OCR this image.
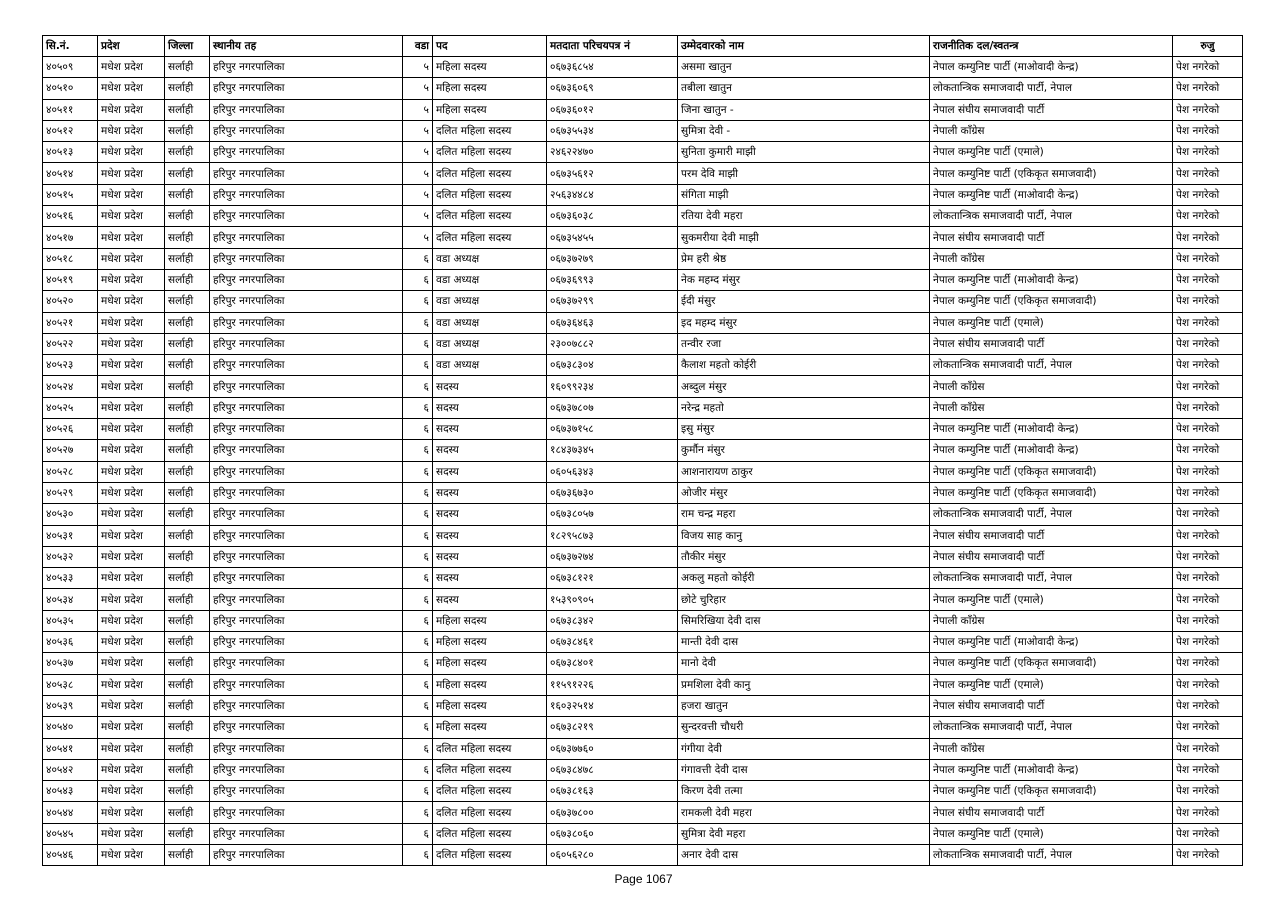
सि.नं.	प्रदेश	जिल्ला	स्थानीय तह	वडा	पद	मतदाता परिचयपत्र नं	उम्मेदवारको नाम	राजनीतिक दल/स्वतन्त्र	रुजु
४०५०९	मधेश प्रदेश	सर्लाही	हरिपुर नगरपालिका	५	महिला सदस्य	०६७३६८५४	असमा खातुन	नेपाल कम्युनिष्ट पार्टी (माओवादी केन्द्र)	पेश नगरेको
४०५१०	मधेश प्रदेश	सर्लाही	हरिपुर नगरपालिका	५	महिला सदस्य	०६७३६०६९	तबीला खातुन	लोकतान्त्रिक समाजवादी पार्टी, नेपाल	पेश नगरेको
४०५११	मधेश प्रदेश	सर्लाही	हरिपुर नगरपालिका	५	महिला सदस्य	०६७३६०१२	जिना खातुन -	नेपाल संघीय समाजवादी पार्टी	पेश नगरेको
४०५१२	मधेश प्रदेश	सर्लाही	हरिपुर नगरपालिका	५	दलित महिला सदस्य	०६७३५५३४	सुमित्रा देवी -	नेपाली काँग्रेस	पेश नगरेको
४०५१३	मधेश प्रदेश	सर्लाही	हरिपुर नगरपालिका	५	दलित महिला सदस्य	२४६२२४७०	सुनिता कुमारी माझी	नेपाल कम्युनिष्ट पार्टी (एमाले)	पेश नगरेको
४०५१४	मधेश प्रदेश	सर्लाही	हरिपुर नगरपालिका	५	दलित महिला सदस्य	०६७३५६१२	परम देवि माझी	नेपाल कम्युनिष्ट पार्टी (एकिकृत समाजवादी)	पेश नगरेको
४०५१५	मधेश प्रदेश	सर्लाही	हरिपुर नगरपालिका	५	दलित महिला सदस्य	२५६३४४८४	संगिता माझी	नेपाल कम्युनिष्ट पार्टी (माओवादी केन्द्र)	पेश नगरेको
४०५१६	मधेश प्रदेश	सर्लाही	हरिपुर नगरपालिका	५	दलित महिला सदस्य	०६७३६०३८	रतिया देवी महरा	लोकतान्त्रिक समाजवादी पार्टी, नेपाल	पेश नगरेको
४०५१७	मधेश प्रदेश	सर्लाही	हरिपुर नगरपालिका	५	दलित महिला सदस्य	०६७३५४५५	सुकमरीया देवी माझी	नेपाल संघीय समाजवादी पार्टी	पेश नगरेको
४०५१८	मधेश प्रदेश	सर्लाही	हरिपुर नगरपालिका	६	वडा अध्यक्ष	०६७३७२७९	प्रेम हरी श्रेष्ठ	नेपाली काँग्रेस	पेश नगरेको
४०५१९	मधेश प्रदेश	सर्लाही	हरिपुर नगरपालिका	६	वडा अध्यक्ष	०६७३६९९३	नेक महम्द मंसुर	नेपाल कम्युनिष्ट पार्टी (माओवादी केन्द्र)	पेश नगरेको
४०५२०	मधेश प्रदेश	सर्लाही	हरिपुर नगरपालिका	६	वडा अध्यक्ष	०६७३७२९९	ईदी मंसुर	नेपाल कम्युनिष्ट पार्टी (एकिकृत समाजवादी)	पेश नगरेको
४०५२१	मधेश प्रदेश	सर्लाही	हरिपुर नगरपालिका	६	वडा अध्यक्ष	०६७३६४६३	इद महम्द मंसुर	नेपाल कम्युनिष्ट पार्टी (एमाले)	पेश नगरेको
४०५२२	मधेश प्रदेश	सर्लाही	हरिपुर नगरपालिका	६	वडा अध्यक्ष	२३००७८८२	तन्वीर रजा	नेपाल संघीय समाजवादी पार्टी	पेश नगरेको
४०५२३	मधेश प्रदेश	सर्लाही	हरिपुर नगरपालिका	६	वडा अध्यक्ष	०६७३८३०४	कैलाश महतो कोईरी	लोकतान्त्रिक समाजवादी पार्टी, नेपाल	पेश नगरेको
४०५२४	मधेश प्रदेश	सर्लाही	हरिपुर नगरपालिका	६	सदस्य	१६०९९२३४	अब्दुल मंसुर	नेपाली काँग्रेस	पेश नगरेको
४०५२५	मधेश प्रदेश	सर्लाही	हरिपुर नगरपालिका	६	सदस्य	०६७३७८०७	नरेन्द्र महतो	नेपाली काँग्रेस	पेश नगरेको
४०५२६	मधेश प्रदेश	सर्लाही	हरिपुर नगरपालिका	६	सदस्य	०६७३७१५८	इसु मंसुर	नेपाल कम्युनिष्ट पार्टी (माओवादी केन्द्र)	पेश नगरेको
४०५२७	मधेश प्रदेश	सर्लाही	हरिपुर नगरपालिका	६	सदस्य	१८४३७३४५	कुर्मौन मंसुर	नेपाल कम्युनिष्ट पार्टी (माओवादी केन्द्र)	पेश नगरेको
४०५२८	मधेश प्रदेश	सर्लाही	हरिपुर नगरपालिका	६	सदस्य	०६०५६३४३	आशनारायण ठाकुर	नेपाल कम्युनिष्ट पार्टी (एकिकृत समाजवादी)	पेश नगरेको
४०५२९	मधेश प्रदेश	सर्लाही	हरिपुर नगरपालिका	६	सदस्य	०६७३६७३०	ओजीर मंसुर	नेपाल कम्युनिष्ट पार्टी (एकिकृत समाजवादी)	पेश नगरेको
४०५३०	मधेश प्रदेश	सर्लाही	हरिपुर नगरपालिका	६	सदस्य	०६७३८०५७	राम चन्द्र महरा	लोकतान्त्रिक समाजवादी पार्टी, नेपाल	पेश नगरेको
४०५३१	मधेश प्रदेश	सर्लाही	हरिपुर नगरपालिका	६	सदस्य	१८२९५८७३	विजय साह कानु	नेपाल संघीय समाजवादी पार्टी	पेश नगरेको
४०५३२	मधेश प्रदेश	सर्लाही	हरिपुर नगरपालिका	६	सदस्य	०६७३७२७४	तौकीर मंसुर	नेपाल संघीय समाजवादी पार्टी	पेश नगरेको
४०५३३	मधेश प्रदेश	सर्लाही	हरिपुर नगरपालिका	६	सदस्य	०६७३८१२१	अकलु महतो कोईरी	लोकतान्त्रिक समाजवादी पार्टी, नेपाल	पेश नगरेको
४०५३४	मधेश प्रदेश	सर्लाही	हरिपुर नगरपालिका	६	सदस्य	१५३९०९०५	छोटे चुरिहार	नेपाल कम्युनिष्ट पार्टी (एमाले)	पेश नगरेको
४०५३५	मधेश प्रदेश	सर्लाही	हरिपुर नगरपालिका	६	महिला सदस्य	०६७३८३४२	सिमरिखिया देवी दास	नेपाली काँग्रेस	पेश नगरेको
४०५३६	मधेश प्रदेश	सर्लाही	हरिपुर नगरपालिका	६	महिला सदस्य	०६७३८४६१	मान्ती देवी दास	नेपाल कम्युनिष्ट पार्टी (माओवादी केन्द्र)	पेश नगरेको
४०५३७	मधेश प्रदेश	सर्लाही	हरिपुर नगरपालिका	६	महिला सदस्य	०६७३८४०१	मानो देवी	नेपाल कम्युनिष्ट पार्टी (एकिकृत समाजवादी)	पेश नगरेको
४०५३८	मधेश प्रदेश	सर्लाही	हरिपुर नगरपालिका	६	महिला सदस्य	११५९१२२६	प्रमशिला देवी कानु	नेपाल कम्युनिष्ट पार्टी (एमाले)	पेश नगरेको
४०५३९	मधेश प्रदेश	सर्लाही	हरिपुर नगरपालिका	६	महिला सदस्य	१६०३२५१४	हजरा खातुन	नेपाल संघीय समाजवादी पार्टी	पेश नगरेको
४०५४०	मधेश प्रदेश	सर्लाही	हरिपुर नगरपालिका	६	महिला सदस्य	०६७३८२१९	सुन्दरवत्ती चौधरी	लोकतान्त्रिक समाजवादी पार्टी, नेपाल	पेश नगरेको
४०५४१	मधेश प्रदेश	सर्लाही	हरिपुर नगरपालिका	६	दलित महिला सदस्य	०६७३७७६०	गंगीया देवी	नेपाली काँग्रेस	पेश नगरेको
४०५४२	मधेश प्रदेश	सर्लाही	हरिपुर नगरपालिका	६	दलित महिला सदस्य	०६७३८४७८	गंगावत्ती देवी दास	नेपाल कम्युनिष्ट पार्टी (माओवादी केन्द्र)	पेश नगरेको
४०५४३	मधेश प्रदेश	सर्लाही	हरिपुर नगरपालिका	६	दलित महिला सदस्य	०६७३८१६३	किरण देवी तत्मा	नेपाल कम्युनिष्ट पार्टी (एकिकृत समाजवादी)	पेश नगरेको
४०५४४	मधेश प्रदेश	सर्लाही	हरिपुर नगरपालिका	६	दलित महिला सदस्य	०६७३७८००	रामकली देवी महरा	नेपाल संघीय समाजवादी पार्टी	पेश नगरेको
४०५४५	मधेश प्रदेश	सर्लाही	हरिपुर नगरपालिका	६	दलित महिला सदस्य	०६७३८०६०	सुमित्रा देवी महरा	नेपाल कम्युनिष्ट पार्टी (एमाले)	पेश नगरेको
४०५४६	मधेश प्रदेश	सर्लाही	हरिपुर नगरपालिका	६	दलित महिला सदस्य	०६०५६२८०	अनार देवी दास	लोकतान्त्रिक समाजवादी पार्टी, नेपाल	पेश नगरेको
Page 1067
